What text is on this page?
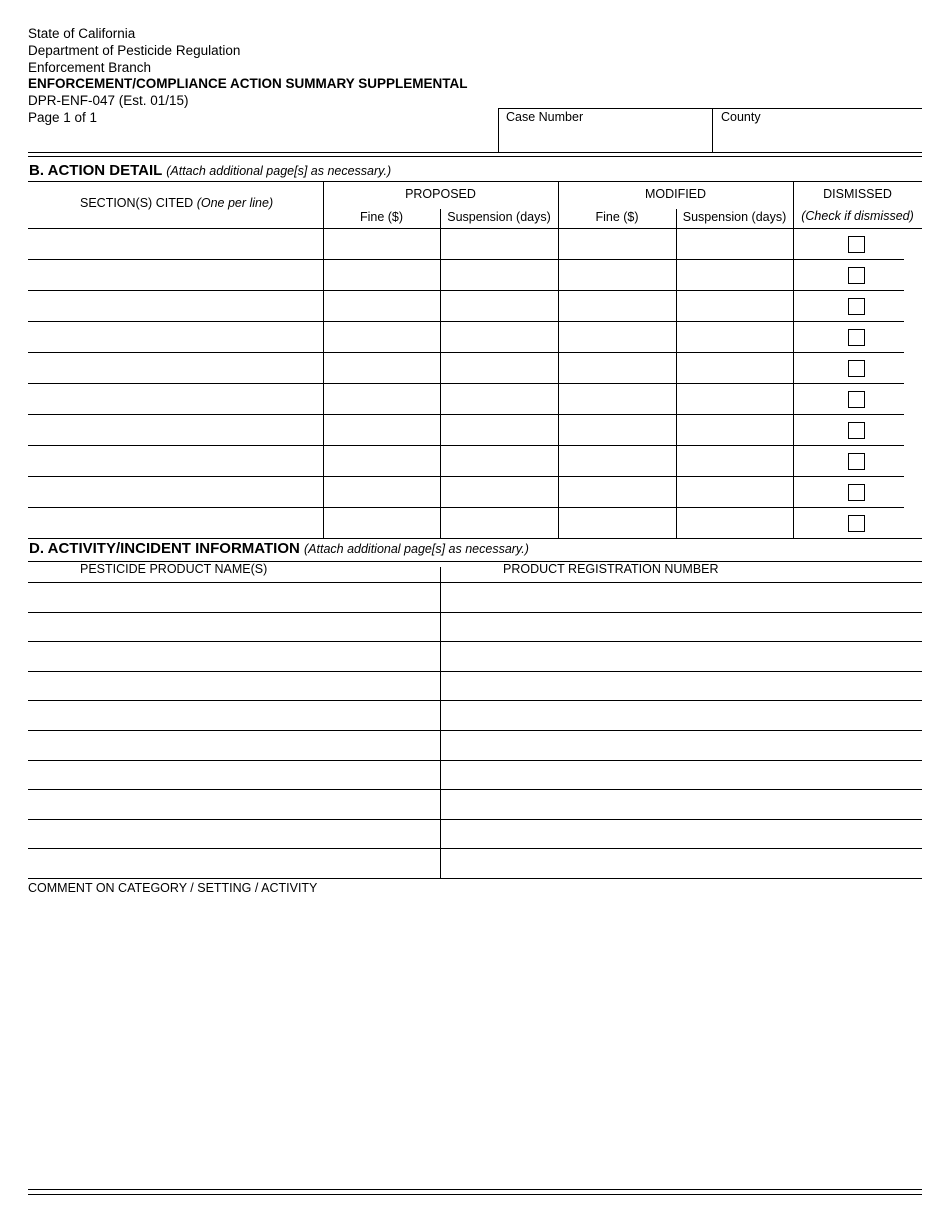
State of California
Department of Pesticide Regulation
Enforcement Branch
ENFORCEMENT/COMPLIANCE ACTION SUMMARY SUPPLEMENTAL
DPR-ENF-047 (Est. 01/15)
Page 1 of 1	Case Number	County
B. ACTION DETAIL (Attach additional page[s] as necessary.)
SECTION(S) CITED (One per line)
PROPOSED	MODIFIED	DISMISSED
Fine ($)	Suspension (days)	Fine ($)	Suspension (days)	(Check if dismissed)
D. ACTIVITY/INCIDENT INFORMATION (Attach additional page[s] as necessary.)
PESTICIDE PRODUCT NAME(S)	PRODUCT REGISTRATION NUMBER
COMMENT ON CATEGORY / SETTING / ACTIVITY
